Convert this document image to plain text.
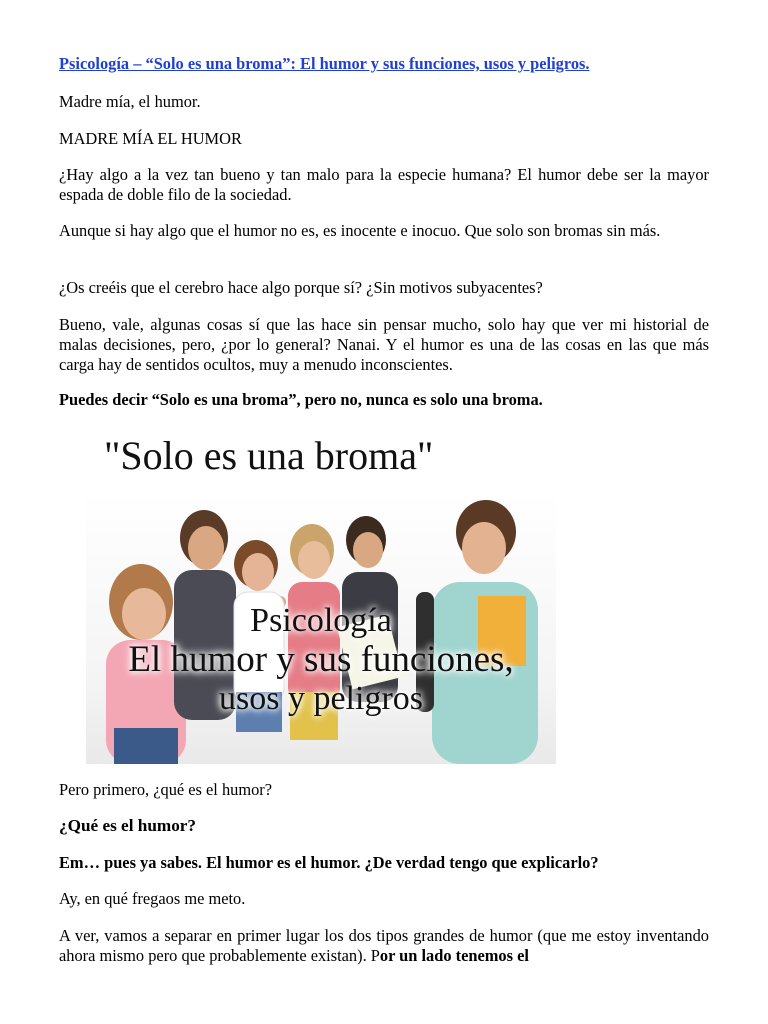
Psicología – “Solo es una broma”: El humor y sus funciones, usos y peligros.

Madre mía, el humor.

MADRE MÍA EL HUMOR

¿Hay algo a la vez tan bueno y tan malo para la especie humana? El humor debe ser la mayor espada de doble filo de la sociedad.

Aunque si hay algo que el humor no es, es inocente e inocuo. Que solo son bromas sin más.

¿Os creéis que el cerebro hace algo porque sí? ¿Sin motivos subyacentes?

Bueno, vale, algunas cosas sí que las hace sin pensar mucho, solo hay que ver mi historial de malas decisiones, pero, ¿por lo general? Nanai. Y el humor es una de las cosas en las que más carga hay de sentidos ocultos, muy a menudo inconscientes.

Puedes decir “Solo es una broma”, pero no, nunca es solo una broma.

Pero primero, ¿qué es el humor?

¿Qué es el humor?

Em… pues ya sabes. El humor es el humor. ¿De verdad tengo que explicarlo?

Ay, en qué fregaos me meto.

A ver, vamos a separar en primer lugar los dos tipos grandes de humor (que me estoy inventando ahora mismo pero que probablemente existan). Por un lado tenemos el

"Solo es una broma"
Psicología
El humor y sus funciones,
usos y peligros
